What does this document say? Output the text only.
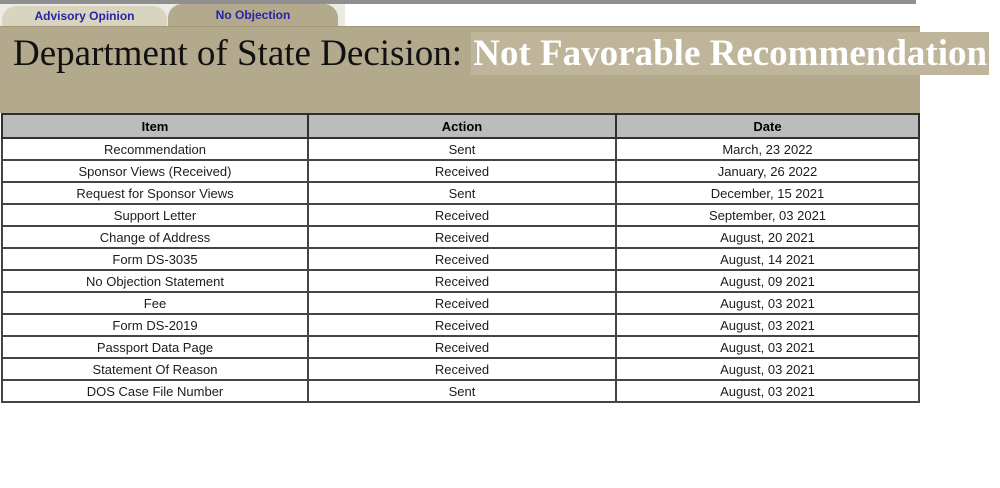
Advisory Opinion	No Objection
Department of State Decision: Not Favorable Recommendation
Item	Action	Date
Recommendation	Sent	March, 23 2022
Sponsor Views (Received)	Received	January, 26 2022
Request for Sponsor Views	Sent	December, 15 2021
Support Letter	Received	September, 03 2021
Change of Address	Received	August, 20 2021
Form DS-3035	Received	August, 14 2021
No Objection Statement	Received	August, 09 2021
Fee	Received	August, 03 2021
Form DS-2019	Received	August, 03 2021
Passport Data Page	Received	August, 03 2021
Statement Of Reason	Received	August, 03 2021
DOS Case File Number	Sent	August, 03 2021
